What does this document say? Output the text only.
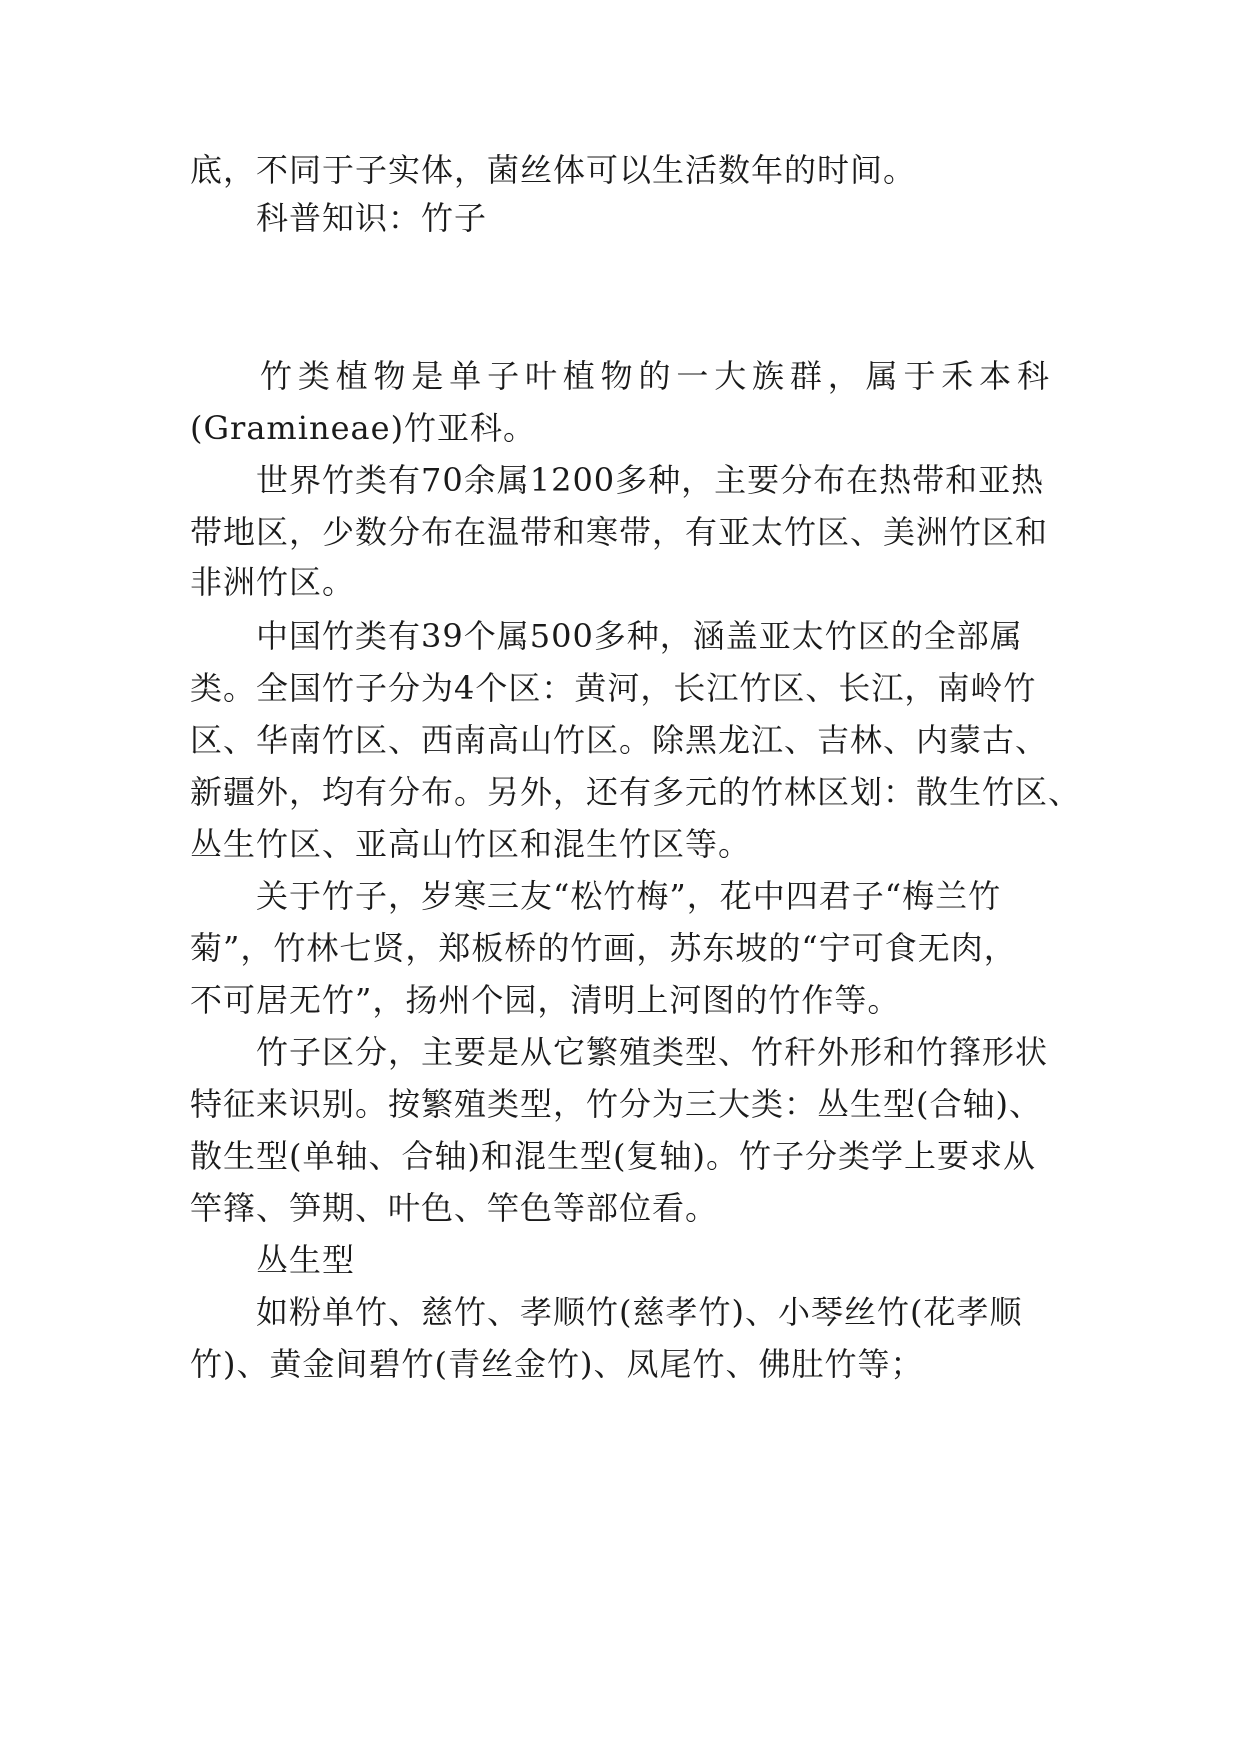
底，不同于子实体，菌丝体可以生活数年的时间。
科普知识：竹子
竹类植物是单子叶植物的一大族群，属于禾本科
(Gramineae)竹亚科。
世界竹类有70余属1200多种，主要分布在热带和亚热
带地区，少数分布在温带和寒带，有亚太竹区、美洲竹区和
非洲竹区。
中国竹类有39个属500多种，涵盖亚太竹区的全部属
类。全国竹子分为4个区：黄河，长江竹区、长江，南岭竹
区、华南竹区、西南高山竹区。除黑龙江、吉林、内蒙古、
新疆外，均有分布。另外，还有多元的竹林区划：散生竹区、
丛生竹区、亚高山竹区和混生竹区等。
关于竹子，岁寒三友“松竹梅”，花中四君子“梅兰竹
菊”，竹林七贤，郑板桥的竹画，苏东坡的“宁可食无肉，
不可居无竹”，扬州个园，清明上河图的竹作等。
竹子区分，主要是从它繁殖类型、竹秆外形和竹箨形状
特征来识别。按繁殖类型，竹分为三大类：丛生型(合轴)、
散生型(单轴、合轴)和混生型(复轴)。竹子分类学上要求从
竿箨、笋期、叶色、竿色等部位看。
丛生型
如粉单竹、慈竹、孝顺竹(慈孝竹)、小琴丝竹(花孝顺
竹)、黄金间碧竹(青丝金竹)、凤尾竹、佛肚竹等；
